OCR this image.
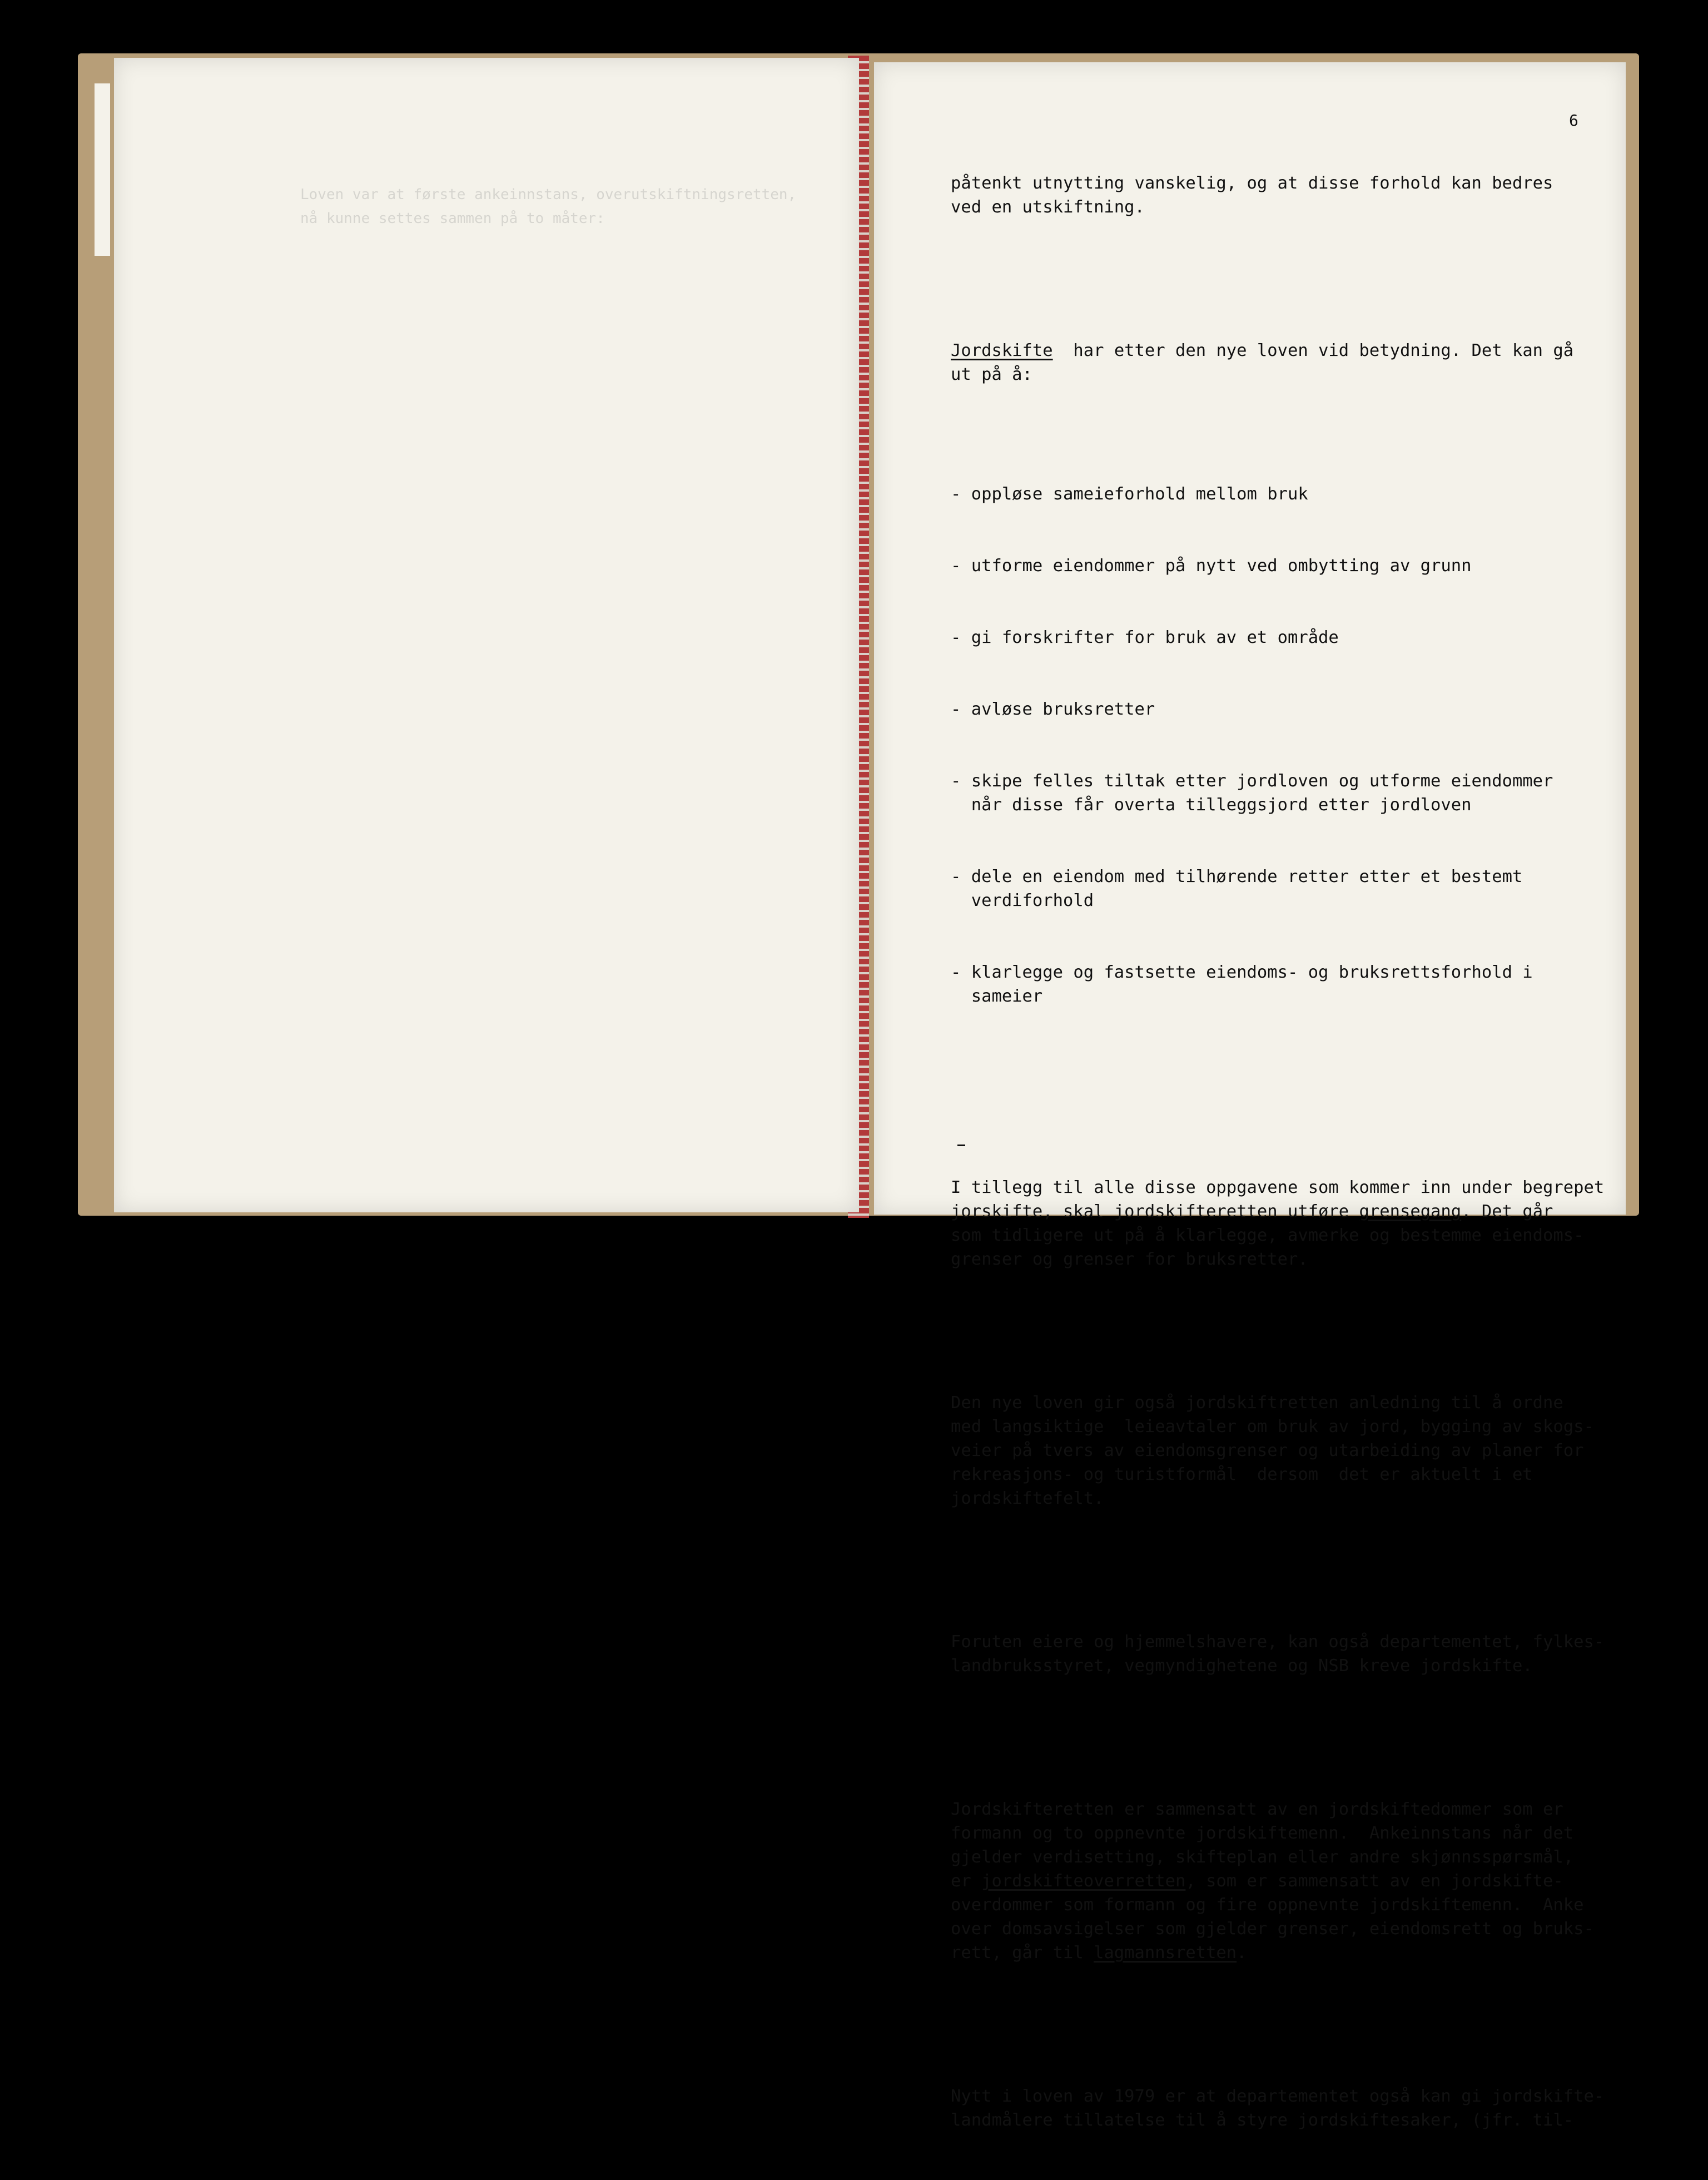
Loven var at første ankeinnstans, overutskiftningsretten,
nå kunne settes sammen på to måter:
6

påtenkt utnytting vanskelig, og at disse forhold kan bedres
ved en utskiftning.

Jordskifte  har etter den nye loven vid betydning. Det kan gå
ut på å:

- oppløse sameieforhold mellom bruk

- utforme eiendommer på nytt ved ombytting av grunn

- gi forskrifter for bruk av et område

- avløse bruksretter

- skipe felles tiltak etter jordloven og utforme eiendommer
når disse får overta tilleggsjord etter jordloven

- dele en eiendom med tilhørende retter etter et bestemt
verdiforhold

- klarlegge og fastsette eiendoms- og bruksrettsforhold i
sameier

I tillegg til alle disse oppgavene som kommer inn under begrepet
jorskifte, skal jordskifteretten utføre grensegang. Det går
som tidligere ut på å klarlegge, avmerke og bestemme eiendoms-
grenser og grenser for bruksretter.

Den nye loven gir også jordskiftretten anledning til å ordne
med langsiktige  leieavtaler om bruk av jord, bygging av skogs-
veier på tvers av eiendomsgrenser og utarbeiding av planer for
rekreasjons- og turistformål  dersom  det er aktuelt i et
jordskiftefelt.

Foruten eiere og hjemmelshavere, kan også departementet, fylkes-
landbruksstyret, vegmyndighetene og NSB kreve jordskifte.

Jordskifteretten er sammensatt av en jordskiftedommer som er
formann og to oppnevnte jordskiftemenn.  Ankeinnstans når det
gjelder verdisetting, skifteplan eller andre skjønnsspørsmål,
er jordskifteoverretten, som er sammensatt av en jordskifte-
overdommer som formann og fire oppnevnte jordskiftemenn.  Anke
over domsavsigelser som gjelder grenser, eiendomsrett og bruks-
rett, går til lagmannsretten.

Nytt i loven av 1979 er at departementet også kan gi jordskifte-
landmålere tillatelse til å styre jordskiftesaker, (jfr. til-
